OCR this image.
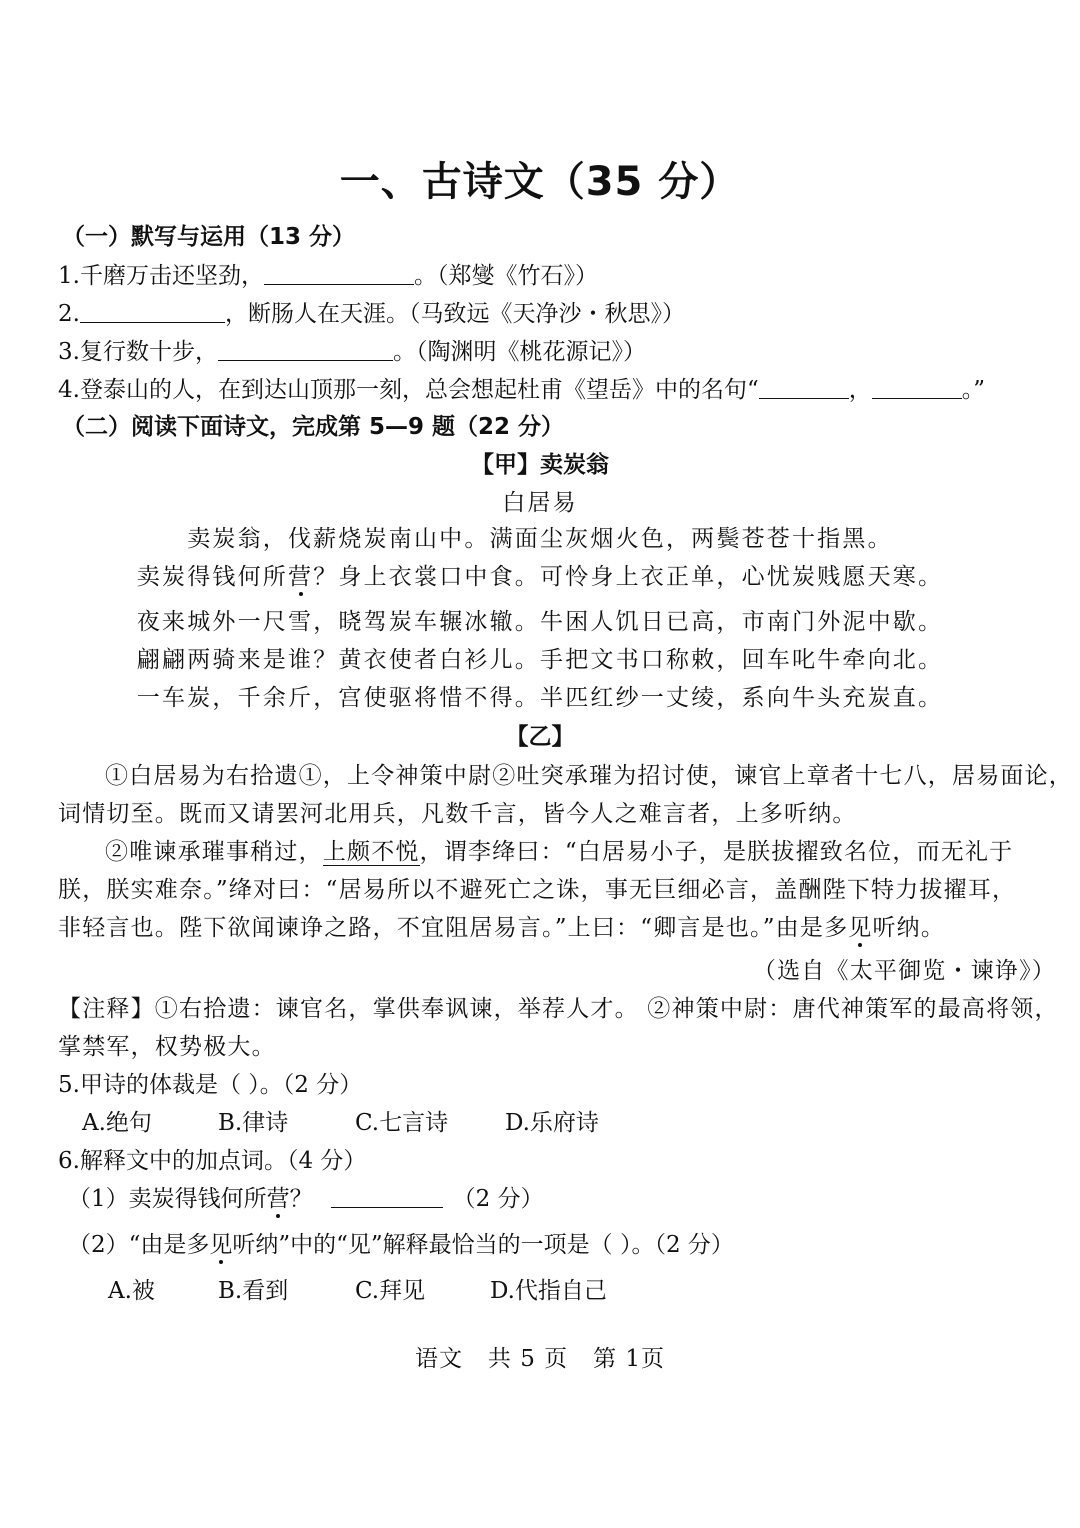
一、古诗文（35 分）
（一）默写与运用（13 分）
1.千磨万击还坚劲，	。（郑燮《竹石》）
2.	，断肠人在天涯。（马致远《天净沙・秋思》）
3.复行数十步，	。（陶渊明《桃花源记》）
4.登泰山的人，在到达山顶那一刻，总会想起杜甫《望岳》中的名句“	，	。”
（二）阅读下面诗文，完成第 5—9 题（22 分）
【甲】卖炭翁
白居易
卖炭翁，伐薪烧炭南山中。满面尘灰烟火色，两鬓苍苍十指黑。
卖炭得钱何所营？身上衣裳口中食。可怜身上衣正单，心忧炭贱愿天寒。
夜来城外一尺雪，晓驾炭车辗冰辙。牛困人饥日已高，市南门外泥中歇。
翩翩两骑来是谁？黄衣使者白衫儿。手把文书口称敕，回车叱牛牵向北。
一车炭，千余斤，宫使驱将惜不得。半匹红纱一丈绫，系向牛头充炭直。
【乙】
①白居易为右拾遗①，上令神策中尉②吐突承璀为招讨使，谏官上章者十七八，居易面论，
词情切至。既而又请罢河北用兵，凡数千言，皆今人之难言者，上多听纳。
②唯谏承璀事稍过，上颇不悦，谓李绛曰：“白居易小子，是朕拔擢致名位，而无礼于
朕，朕实难奈。”绛对曰：“居易所以不避死亡之诛，事无巨细必言，盖酬陛下特力拔擢耳，
非轻言也。陛下欲闻谏诤之路，不宜阻居易言。”上曰：“卿言是也。”由是多见听纳。
（选自《太平御览・谏诤》）
【注释】①右拾遗：谏官名，掌供奉讽谏，举荐人才。 ②神策中尉：唐代神策军的最高将领，
掌禁军，权势极大。
5.甲诗的体裁是（ ）。（2 分）
A.绝句	B.律诗	C.七言诗 D.乐府诗
6.解释文中的加点词。（4 分）
（1）卖炭得钱何所营？	（2 分）
（2）“由是多见听纳”中的“见”解释最恰当的一项是（ ）。（2 分）
A.被	B.看到	C.拜见	D.代指自己
语文   共 5 页   第 1页
